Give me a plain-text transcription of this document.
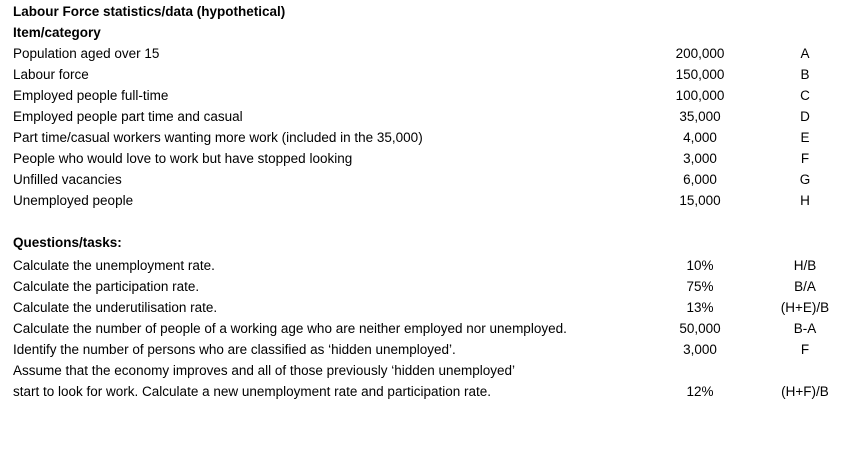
Labour Force statistics/data (hypothetical)
Item/category
Population aged over 15	200,000	A
Labour force	150,000	B
Employed people full-time	100,000	C
Employed people part time and casual	35,000	D
Part time/casual workers wanting more work (included in the 35,000)	4,000	E
People who would love to work but have stopped looking	3,000	F
Unfilled vacancies	6,000	G
Unemployed people	15,000	H
Questions/tasks:
Calculate the unemployment rate.	10%	H/B
Calculate the participation rate.	75%	B/A
Calculate the underutilisation rate.	13%	(H+E)/B
Calculate the number of people of a working age who are neither employed nor unemployed.	50,000	B-A
Identify the number of persons who are classified as ‘hidden unemployed’.	3,000	F
Assume that the economy improves and all of those previously ‘hidden unemployed’
start to look for work. Calculate a new unemployment rate and participation rate.	12%	(H+F)/B
